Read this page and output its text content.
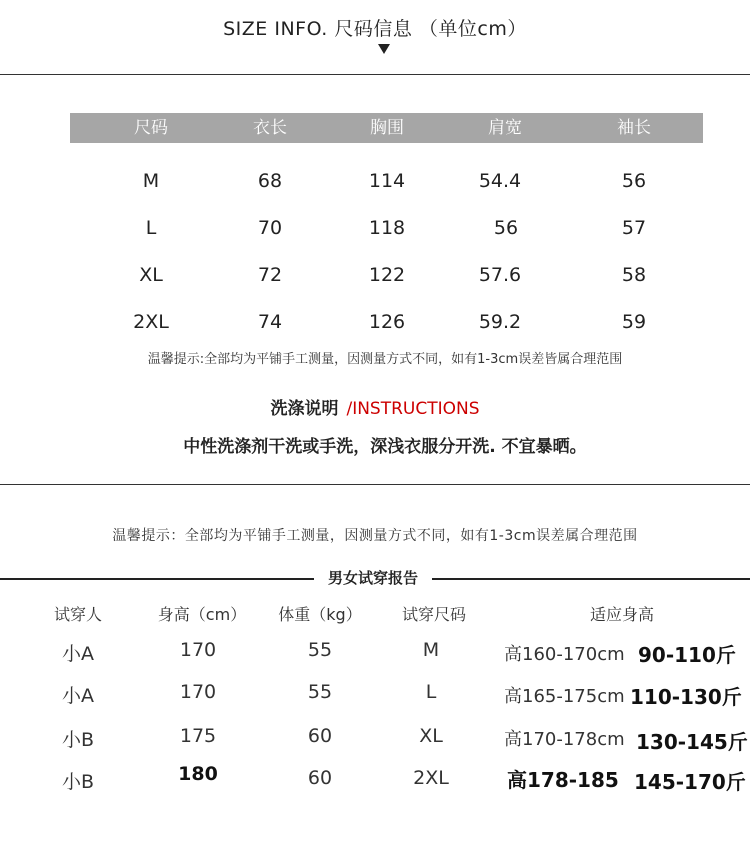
SIZE INFO. 尺码信息 （单位cm）
尺码	衣长	胸围	肩宽	袖长
M	68	114	54.4	56
L	70	118	56	57
XL	72	122	57.6	58
2XL	74	126	59.2	59
温馨提示:全部均为平铺手工测量，因测量方式不同，如有1-3cm误差皆属合理范围
洗涤说明 /INSTRUCTIONS
中性洗涤剂干洗或手洗，深浅衣服分开洗. 不宜暴晒。
温馨提示：全部均为平铺手工测量，因测量方式不同，如有1-3cm误差属合理范围
男女试穿报告
试穿人	身高（cm） 体重（kg）	试穿尺码	适应身高
小A	170	55	M	高160-170cm 90-110斤
小A	170	55	L	高165-175cm 110-130斤
小B	175	60	XL	高170-178cm 130-145斤
小B	180	60	2XL	高178-185 145-170斤
